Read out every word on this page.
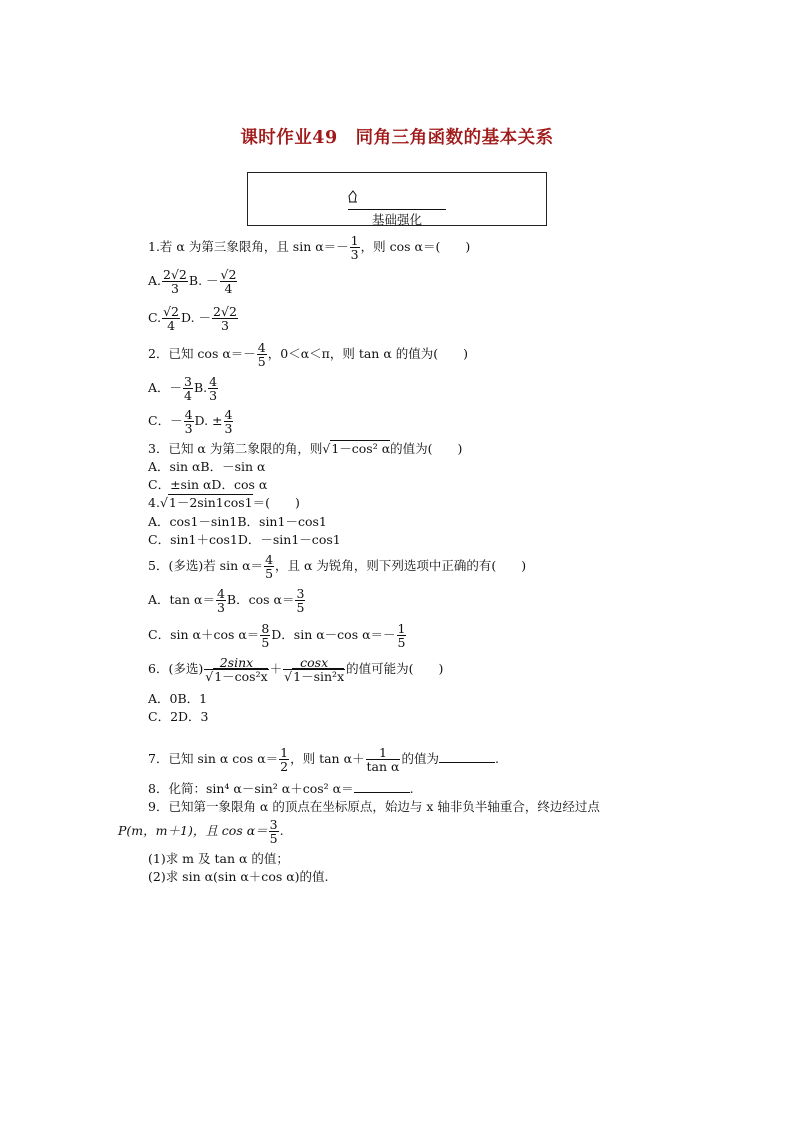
课时作业49　同角三角函数的基本关系
基础强化
1.若 α 为第三象限角，且 $\sin \alpha=- \frac{1}{3}$ ，则 cos α＝(　　)
A. $\frac{2√2}{3} B$. － $\frac{√2}{4}$
C. $\frac{√2}{4} D$. － $\frac{2√2}{3}$
2．已知 $\cos \alpha=- \frac{4}{5}$ ，0＜α＜π，则 tan α 的值为(　　)
A．－ $\frac{3}{4} B$. $\frac{4}{3}$
C．－ $\frac{4}{3} D$. ± $\frac{4}{3}$
3．已知 α 为第二象限的角，则√1－cos² α的值为(　　)
A．sin αB．－sin α
C．±sin αD．cos α
4.√1－2sin1cos1＝(　　)
A．cos1－sin1B．sin1－cos1
C．sin1＋cos1D．－sin1－cos1
5．(多选)若 $\sin \alpha= \frac{4}{5}$ ，且 α 为锐角，则下列选项中正确的有(　　)
A．$\tan \alpha= \frac{4}{3}$ B．$\cos \alpha= \frac{3}{5}$
C．sin α＋cos $\alpha= \frac{8}{5}$ D．sin α－cos $\alpha=- \frac{1}{5}$
6．(多选) $\frac{2\sin x}{\text{√1－cos²x}} + \frac{\cos x}{\text{√1－sin²x}}$ 的值可能为(　　)
A．0B．1
C．2D．3
7．已知 sin α $\cos \alpha= \frac{1}{2}$ ，则 $\tan \alpha+ \frac{1}{\text{tan α}}$ 的值为	.
8．化简：sin⁴ α－sin² α＋cos² α＝	.
9．已知第一象限角 α 的顶点在坐标原点，始边与 x 轴非负半轴重合，终边经过点
P(m，m＋1)，且 $\cos \alpha= \frac{3}{5}$ .
(1)求 m 及 tan α 的值；
(2)求 sin α(sin α＋cos α)的值.
